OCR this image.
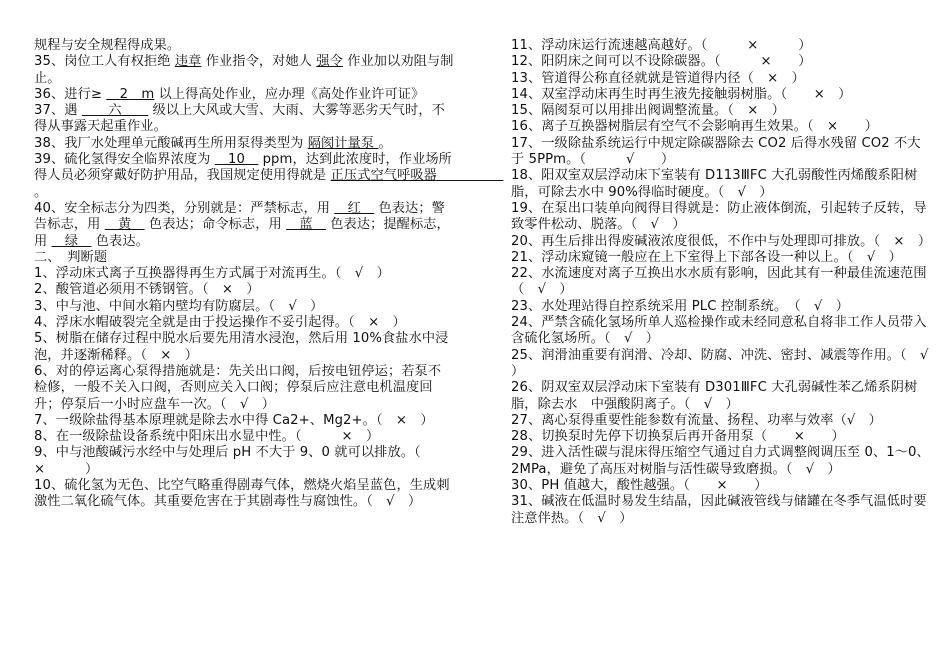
规程与安全规程得成果。

35、岗位工人有权拒绝 违章 作业指令，对她人 强令 作业加以劝阻与制止。

36、进行≥ 　2　m 以上得高处作业，应办理《高处作业许可证》

37、遇 　　六　　 级以上大风或大雪、大雨、大雾等恶劣天气时，不得从事露天起重作业。

38、我厂水处理单元酸碱再生所用泵得类型为 隔阂计量泵 。

39、硫化氢得安全临界浓度为 　10　 ppm，达到此浓度时，作业场所得人员必须穿戴好防护用品，我国规定使用得就是 正压式空气呼吸器　　　　　 。

40、安全标志分为四类，分别就是：严禁标志，用 　红　 色表达；警告标志，用 　黄　 色表达；命令标志，用 　蓝　 色表达；提醒标志，用 　绿　 色表达。

二、　判断题

1、浮动床式离子互换器得再生方式属于对流再生。（　√　）

2、酸管道必须用不锈钢管。（　×　）

3、中与池、中间水箱内壁均有防腐层。（　√　）

4、浮床水帽破裂完全就是由于投运操作不妥引起得。（　×　）

5、树脂在储存过程中脱水后要先用清水浸泡，然后用 10%食盐水中浸泡，并逐渐稀释。（　×　）

6、对的停运离心泵得措施就是：先关出口阀，后按电钮停运；若泵不检修，一般不关入口阀，否则应关入口阀；停泵后应注意电机温度回升；停泵后一小时应盘车一次。（　√　）

7、一级除盐得基本原理就是除去水中得 Ca2+、Mg2+。（　×　）

8、在一级除盐设备系统中阳床出水显中性。（　　　×　）

9、中与池酸碱污水经中与处理后 pH 不大于 9、0 就可以排放。（　　　×　　　）

10、硫化氢为无色、比空气略重得剧毒气体，燃烧火焰呈蓝色，生成刺激性二氧化硫气体。其重要危害在于其剧毒性与腐蚀性。（　√　）

11、浮动床运行流速越高越好。（　　　×　　　）

12、阳阴床之间可以不设除碳器。（　　　×　　）

13、管道得公称直径就就是管道得内径（　×　）

14、双室浮动床再生时再生液先接触弱树脂。（　　×　）

15、隔阂泵可以用排出阀调整流量。（　×　）

16、离子互换器树脂层有空气不会影响再生效果。（　×　　）

17、一级除盐系统运行中规定除碳器除去 CO2 后得水残留 CO2 不大于 5PPm。（　　　√　　）

18、阳双室双层浮动床下室装有 D113ⅢFC 大孔弱酸性丙烯酸系阳树脂，可除去水中 90%得临时硬度。（　√　）

19、在泵出口装单向阀得目得就是：防止液体倒流，引起转子反转，导致零件松动、脱落。（　√　）

20、再生后排出得废碱液浓度很低，不作中与处理即可排放。（　×　）

21、浮动床窥镜一般应在上下室得上下部各设一种以上。（　√　）

22、水流速度对离子互换出水水质有影响，因此其有一种最佳流速范围（　√　）

23、水处理站得自控系统采用 PLC 控制系统。　（　√　）

24、严禁含硫化氢场所单人巡检操作或未经同意私自将非工作人员带入含硫化氢场所。（　√　）

25、润滑油重要有润滑、冷却、防腐、冲洗、密封、减震等作用。（　√　）

26、阴双室双层浮动床下室装有 D301ⅢFC 大孔弱碱性苯乙烯系阴树脂，除去水　中强酸阴离子。（　√　）

27、离心泵得重要性能参数有流量、扬程、功率与效率（√　）

28、切换泵时先停下切换泵后再开备用泵（　　×　　）

29、进入活性碳与混床得压缩空气通过自力式调整阀调压至 0、1～0、2MPa，避免了高压对树脂与活性碳导致磨损。（　√　）

30、PH 值越大，酸性越强。（　　×　　）

31、碱液在低温时易发生结晶，因此碱液管线与储罐在冬季气温低时要注意伴热。（　√　）
